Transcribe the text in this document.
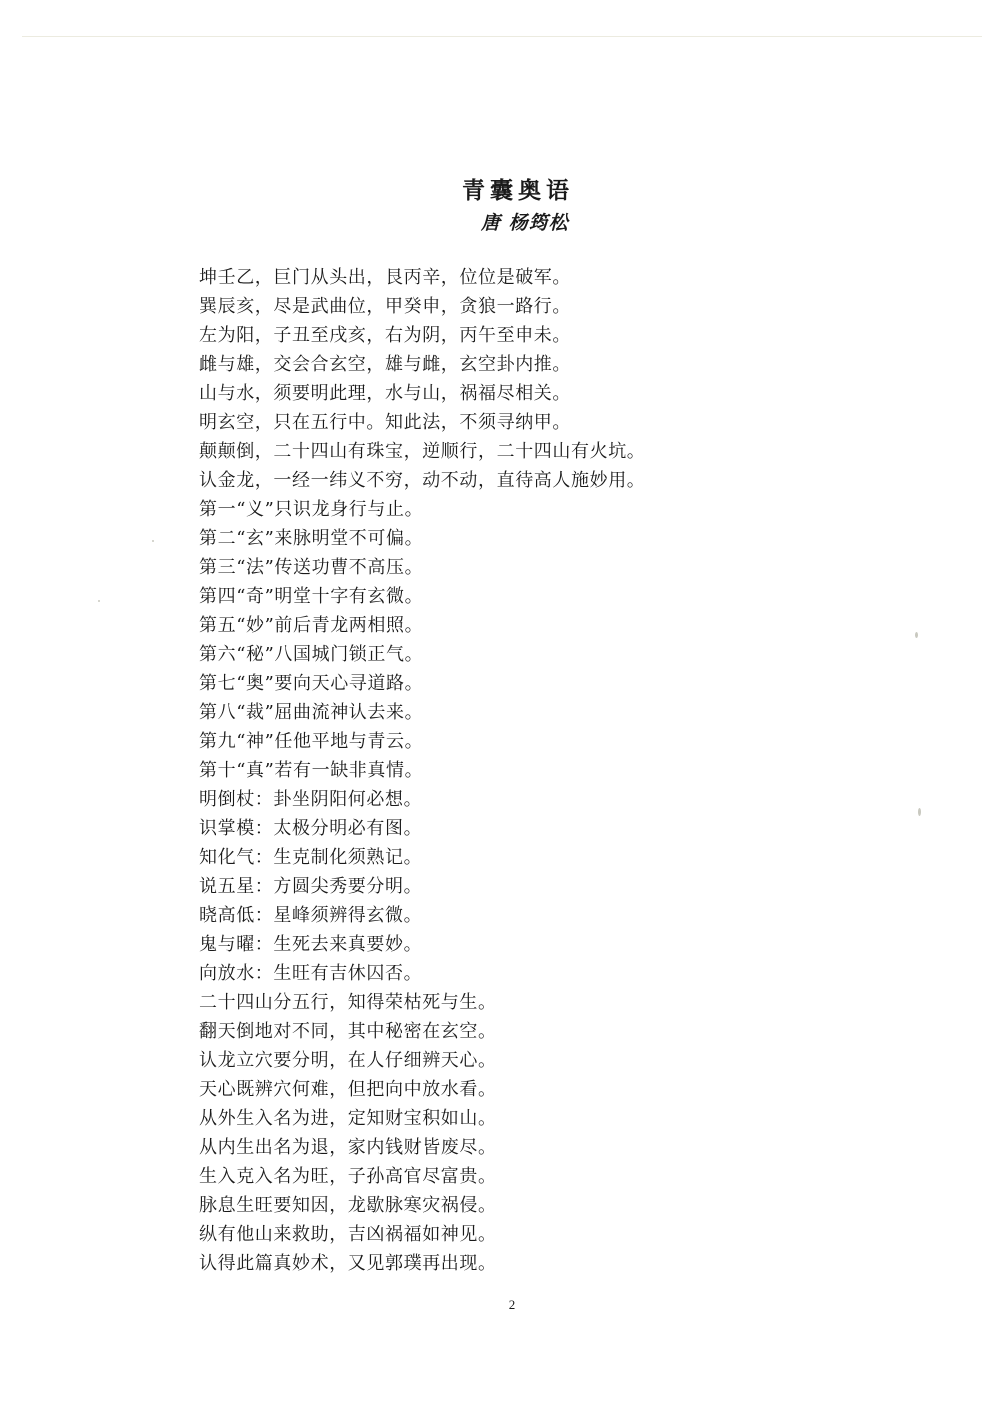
青囊奥语
唐 杨筠松
坤壬乙，巨门从头出，艮丙辛，位位是破军。
巽辰亥，尽是武曲位，甲癸申，贪狼一路行。
左为阳，子丑至戌亥，右为阴，丙午至申未。
雌与雄，交会合玄空，雄与雌，玄空卦内推。
山与水，须要明此理，水与山，祸福尽相关。
明玄空，只在五行中。知此法，不须寻纳甲。
颠颠倒，二十四山有珠宝，逆顺行，二十四山有火坑。
认金龙，一经一纬义不穷，动不动，直待高人施妙用。
第一“义”只识龙身行与止。
第二“玄”来脉明堂不可偏。
第三“法”传送功曹不高压。
第四“奇”明堂十字有玄微。
第五“妙”前后青龙两相照。
第六“秘”八国城门锁正气。
第七“奥”要向天心寻道路。
第八“裁”屈曲流神认去来。
第九“神”任他平地与青云。
第十“真”若有一缺非真情。
明倒杖：卦坐阴阳何必想。
识掌模：太极分明必有图。
知化气：生克制化须熟记。
说五星：方圆尖秀要分明。
晓高低：星峰须辨得玄微。
鬼与曜：生死去来真要妙。
向放水：生旺有吉休囚否。
二十四山分五行，知得荣枯死与生。
翻天倒地对不同，其中秘密在玄空。
认龙立穴要分明，在人仔细辨天心。
天心既辨穴何难，但把向中放水看。
从外生入名为进，定知财宝积如山。
从内生出名为退，家内钱财皆废尽。
生入克入名为旺，子孙高官尽富贵。
脉息生旺要知因，龙歇脉寒灾祸侵。
纵有他山来救助，吉凶祸福如神见。
认得此篇真妙术，又见郭璞再出现。
2
